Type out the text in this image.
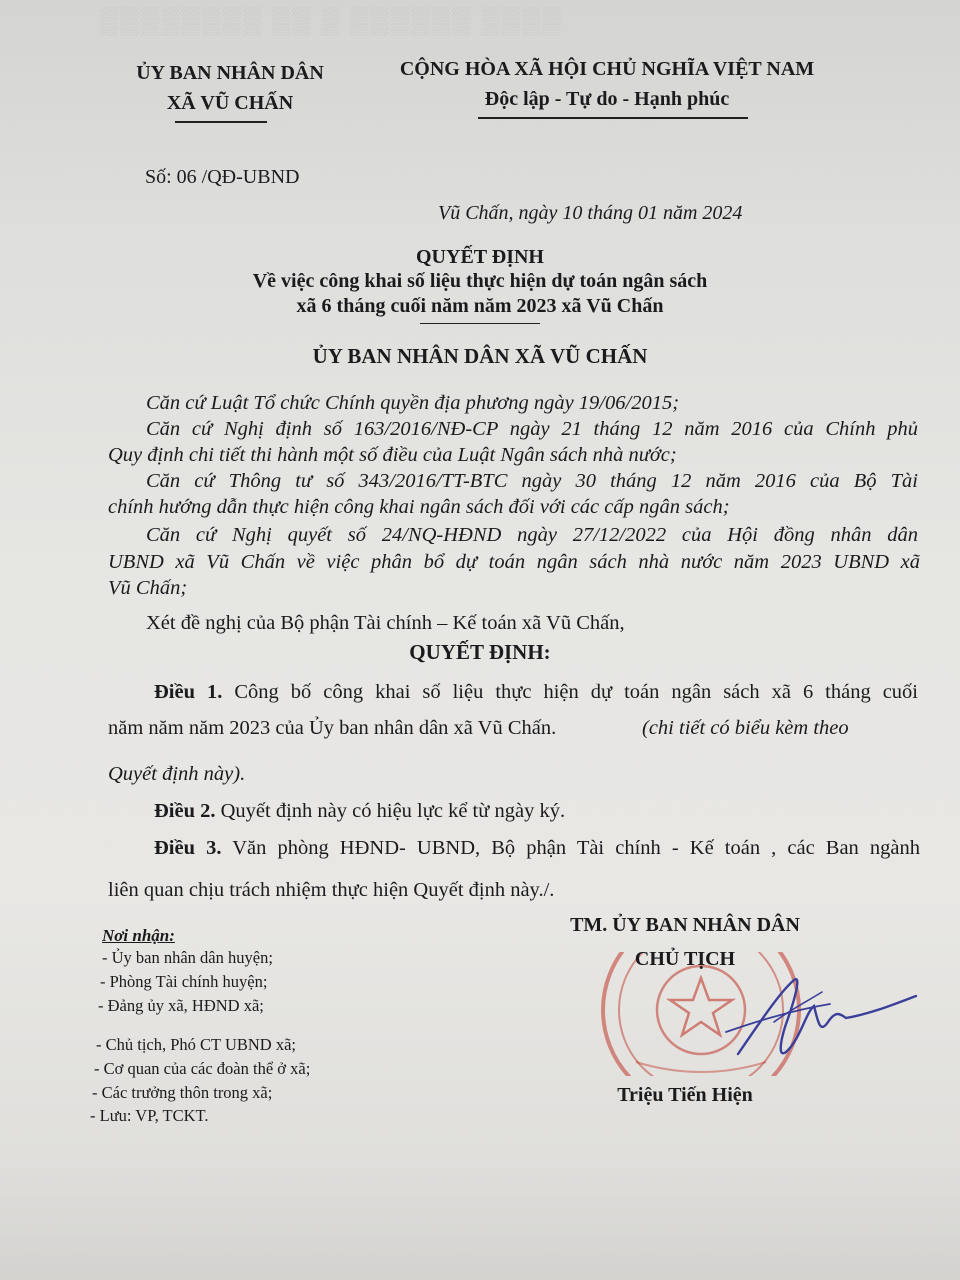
▒▒▒▒▒▒▒▒ ▒▒ ▒ ▒▒▒▒▒▒ ▒▒▒▒
ỦY BAN NHÂN DÂN
XÃ VŨ CHẤN
CỘNG HÒA XÃ HỘI CHỦ NGHĨA VIỆT NAM
Độc lập - Tự do - Hạnh phúc
Số: 06 /QĐ-UBND
Vũ Chấn, ngày 10 tháng 01 năm 2024
QUYẾT ĐỊNH
Về việc công khai số liệu thực hiện dự toán ngân sách
xã 6 tháng cuối năm năm 2023 xã Vũ Chấn
ỦY BAN NHÂN DÂN XÃ VŨ CHẤN
Căn cứ Luật Tổ chức Chính quyền địa phương ngày 19/06/2015;
Căn cứ Nghị định số 163/2016/NĐ-CP ngày 21 tháng 12 năm 2016 của Chính phủ
Quy định chi tiết thi hành một số điều của Luật Ngân sách nhà nước;
Căn cứ Thông tư số 343/2016/TT-BTC ngày 30 tháng 12 năm 2016 của Bộ Tài
chính hướng dẫn thực hiện công khai ngân sách đối với các cấp ngân sách;
Căn cứ Nghị quyết số 24/NQ-HĐND ngày 27/12/2022 của Hội đồng nhân dân
UBND xã Vũ Chấn về việc phân bổ dự toán ngân sách nhà nước năm 2023 UBND xã
Vũ Chấn;
Xét đề nghị của Bộ phận Tài chính – Kế toán xã Vũ Chấn,
QUYẾT ĐỊNH:
Điều 1. Công bố công khai số liệu thực hiện dự toán ngân sách xã 6 tháng cuối
năm năm năm 2023 của Ủy ban nhân dân xã Vũ Chấn.	(chi tiết có biểu kèm theo
Quyết định này).
Điều 2. Quyết định này có hiệu lực kể từ ngày ký.
Điều 3. Văn phòng HĐND- UBND, Bộ phận Tài chính - Kế toán , các Ban ngành
liên quan chịu trách nhiệm thực hiện Quyết định này./.
Nơi nhận:
- Ủy ban nhân dân huyện;
- Phòng Tài chính huyện;
- Đảng ủy xã, HĐND xã;
- Chủ tịch, Phó CT UBND xã;
- Cơ quan của các đoàn thể ở xã;
- Các trưởng thôn trong xã;
- Lưu: VP, TCKT.
TM. ỦY BAN NHÂN DÂN
CHỦ TỊCH
Triệu Tiến Hiện
